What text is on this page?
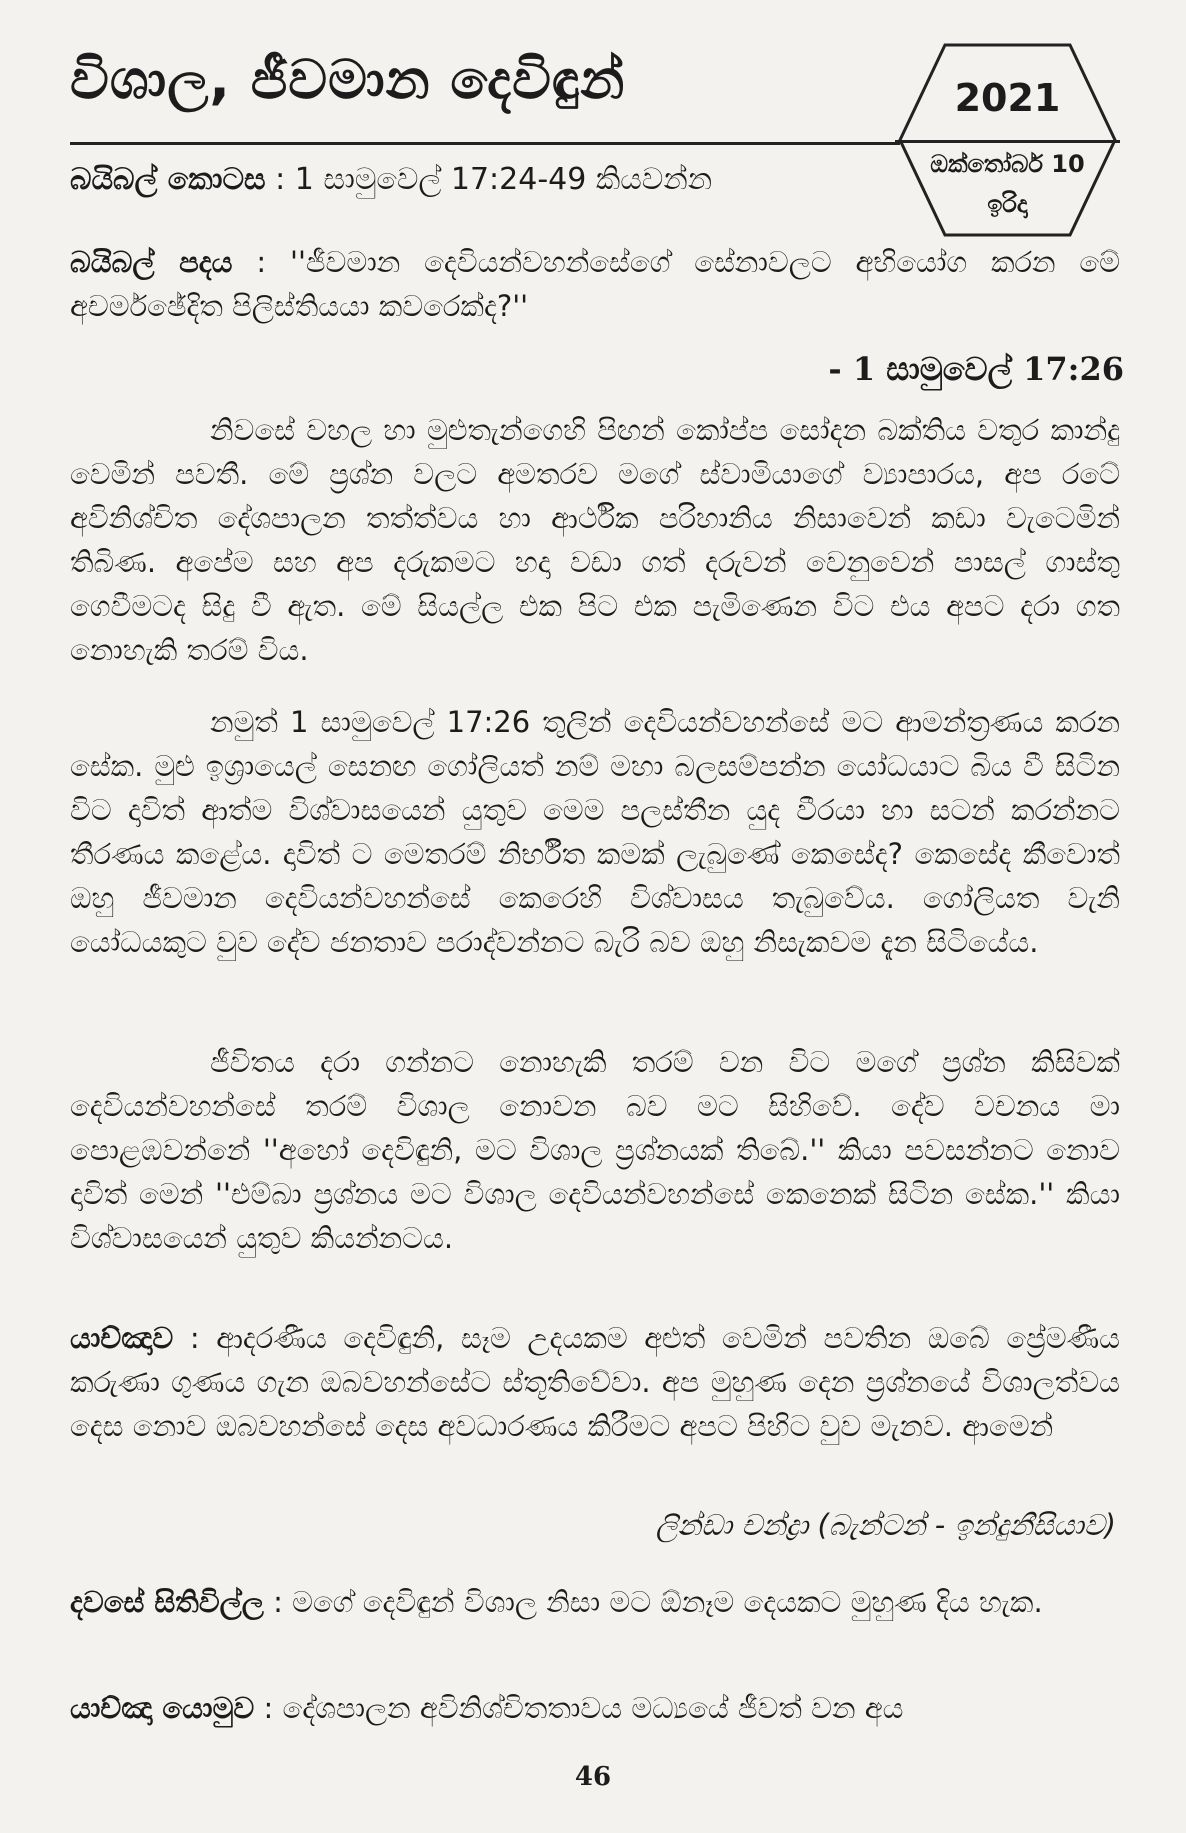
විශාල, ජීවමාන දෙවිඳුන්
බයිබල් කොටස : 1 සාමුවෙල් 17:24-49 කියවන්න
2021
ඔක්තෝබර් 10
ඉරිදා
බයිබල් පදය : ''ජීවමාන දෙවියන්වහන්සේගේ සේනාවලට අභියෝග කරන මේ අචර්මඡේදිත පිලිස්තියයා කවරෙක්ද?''
- 1 සාමුවෙල් 17:26

නිවසේ වහල හා මුළුතැන්ගෙහි පිඟන් කෝප්ප සෝදන බක්තිය වතුර කාන්දු වෙමින් පවතී. මේ ප්‍රශ්න වලට අමතරව මගේ ස්වාමියාගේ ව්‍යාපාරය, අප රටේ අවිනිශ්චිත දේශපාලන තත්ත්වය හා ආර්ථික පරිහානිය නිසාවෙන් කඩා වැටෙමින් තිබිණ. අපේම සහ අප දරුකමට හදා වඩා ගත් දරුවන් වෙනුවෙන් පාසල් ගාස්තු ගෙවීමටද සිදු වී ඇත. මේ සියල්ල එක පිට එක පැමිණෙන විට එය අපට දරා ගත නොහැකි තරම් විය.

නමුත් 1 සාමුවෙල් 17:26 තුලින් දෙවියන්වහන්සේ මට ආමන්ත්‍රණය කරන සේක. මුළු ඉශ්‍රායෙල් සෙනඟ ගෝලියත් නම් මහා බලසම්පන්න යෝධයාට බිය වී සිටින විට දාවිත් ආත්ම විශ්වාසයෙන් යුතුව මෙම පලස්තීන යුද වීරයා හා සටන් කරන්නට තීරණය කළේය. දාවිත් ට මෙතරම් නිර්භීත කමක් ලැබුණේ කෙසේද? කෙසේද කීවොත් ඔහු ජීවමාන දෙවියන්වහන්සේ කෙරෙහි විශ්වාසය තැබුවේය. ගෝලියත වැනි යෝධයකුට වුව දේව ජනතාව පරාද්වන්නට බැරි බව ඔහු නිසැකවම දැන සිටියේය.

ජීවිතය දරා ගන්නට නොහැකි තරම් වන විට මගේ ප්‍රශ්න කිසිවක් දෙවියන්වහන්සේ තරම් විශාල නොවන බව මට සිහිවේ. දේව වචනය මා පොළඹවන්නේ ''අහෝ දෙවිඳුනි, මට විශාල ප්‍රශ්නයක් තිබේ.'' කියා පවසන්නට නොව දාවිත් මෙන් ''එම්බා ප්‍රශ්නය මට විශාල දෙවියන්වහන්සේ කෙනෙක් සිටින සේක.'' කියා විශ්වාසයෙන් යුතුව කියන්නටය.

යාච්ඤාව : ආදරණීය දෙවිඳුනි, සෑම උදයකම අළුත් වෙමින් පවතින ඔබේ ප්‍රේමණීය කරුණා ගුණය ගැන ඔබවහන්සේට ස්තූතිවේවා. අප මුහුණ දෙන ප්‍රශ්නයේ විශාලත්වය දෙස නොව ඔබවහන්සේ දෙස අවධාරණය කිරීමට අපට පිහිට වුව මැනව. ආමෙන්
ලින්ඩා චන්ද්‍රා (බැන්ටන් - ඉන්දුනීසියාව)
දවසේ සිතිවිල්ල : මගේ දෙවිඳුන් විශාල නිසා මට ඕනෑම දෙයකට මුහුණ දිය හැක.
යාච්ඤා යොමුව : දේශපාලන අවිනිශ්චිතතාවය මධ්‍යයේ ජීවත් වන අය
46
